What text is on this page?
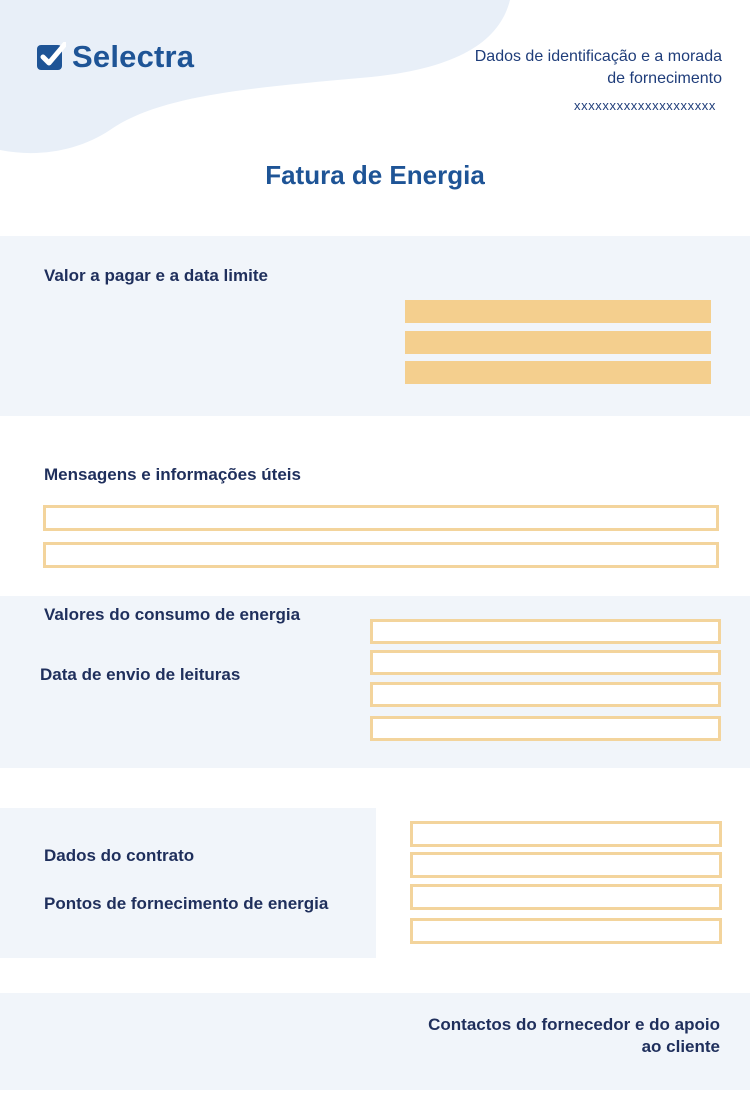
Selectra	Dados de identificação e a morada de fornecimento
xxxxxxxxxxxxxxxxxxxx
Fatura de Energia
Valor a pagar e a data limite
Mensagens e informações úteis
Valores do consumo de energia
Data de envio de leituras
Dados do contrato
Pontos de fornecimento de energia
Contactos do fornecedor e do apoio ao cliente
